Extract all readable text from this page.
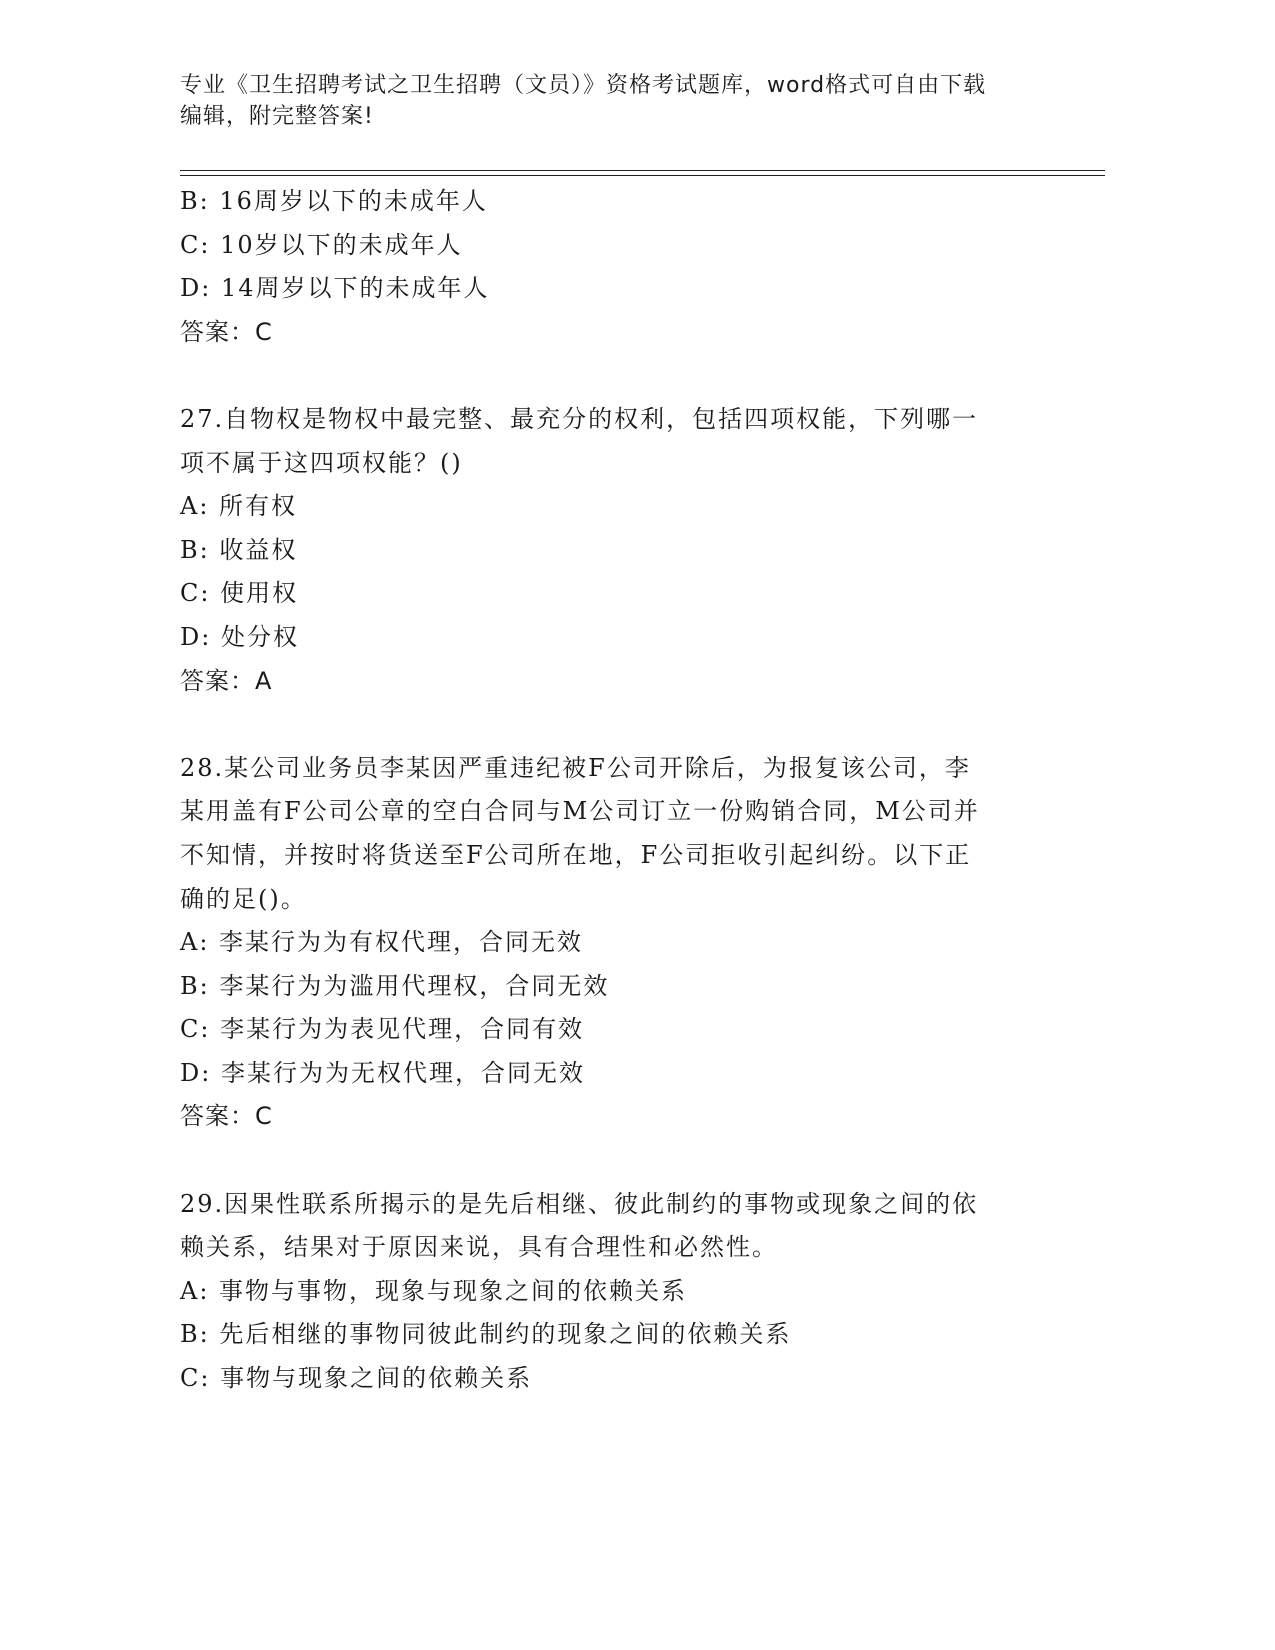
专业《卫生招聘考试之卫生招聘（文员）》资格考试题库，word格式可自由下载
编辑，附完整答案!
B: 16周岁以下的未成年人
C: 10岁以下的未成年人
D: 14周岁以下的未成年人
答案：C
27.自物权是物权中最完整、最充分的权利，包括四项权能，下列哪一
项不属于这四项权能？()
A: 所有权
B: 收益权
C: 使用权
D: 处分权
答案：A
28.某公司业务员李某因严重违纪被F公司开除后，为报复该公司，李
某用盖有F公司公章的空白合同与M公司订立一份购销合同，M公司并
不知情，并按时将货送至F公司所在地，F公司拒收引起纠纷。以下正
确的足()。
A: 李某行为为有权代理，合同无效
B: 李某行为为滥用代理权，合同无效
C: 李某行为为表见代理，合同有效
D: 李某行为为无权代理，合同无效
答案：C
29.因果性联系所揭示的是先后相继、彼此制约的事物或现象之间的依
赖关系，结果对于原因来说，具有合理性和必然性。
A: 事物与事物，现象与现象之间的依赖关系
B: 先后相继的事物同彼此制约的现象之间的依赖关系
C: 事物与现象之间的依赖关系
